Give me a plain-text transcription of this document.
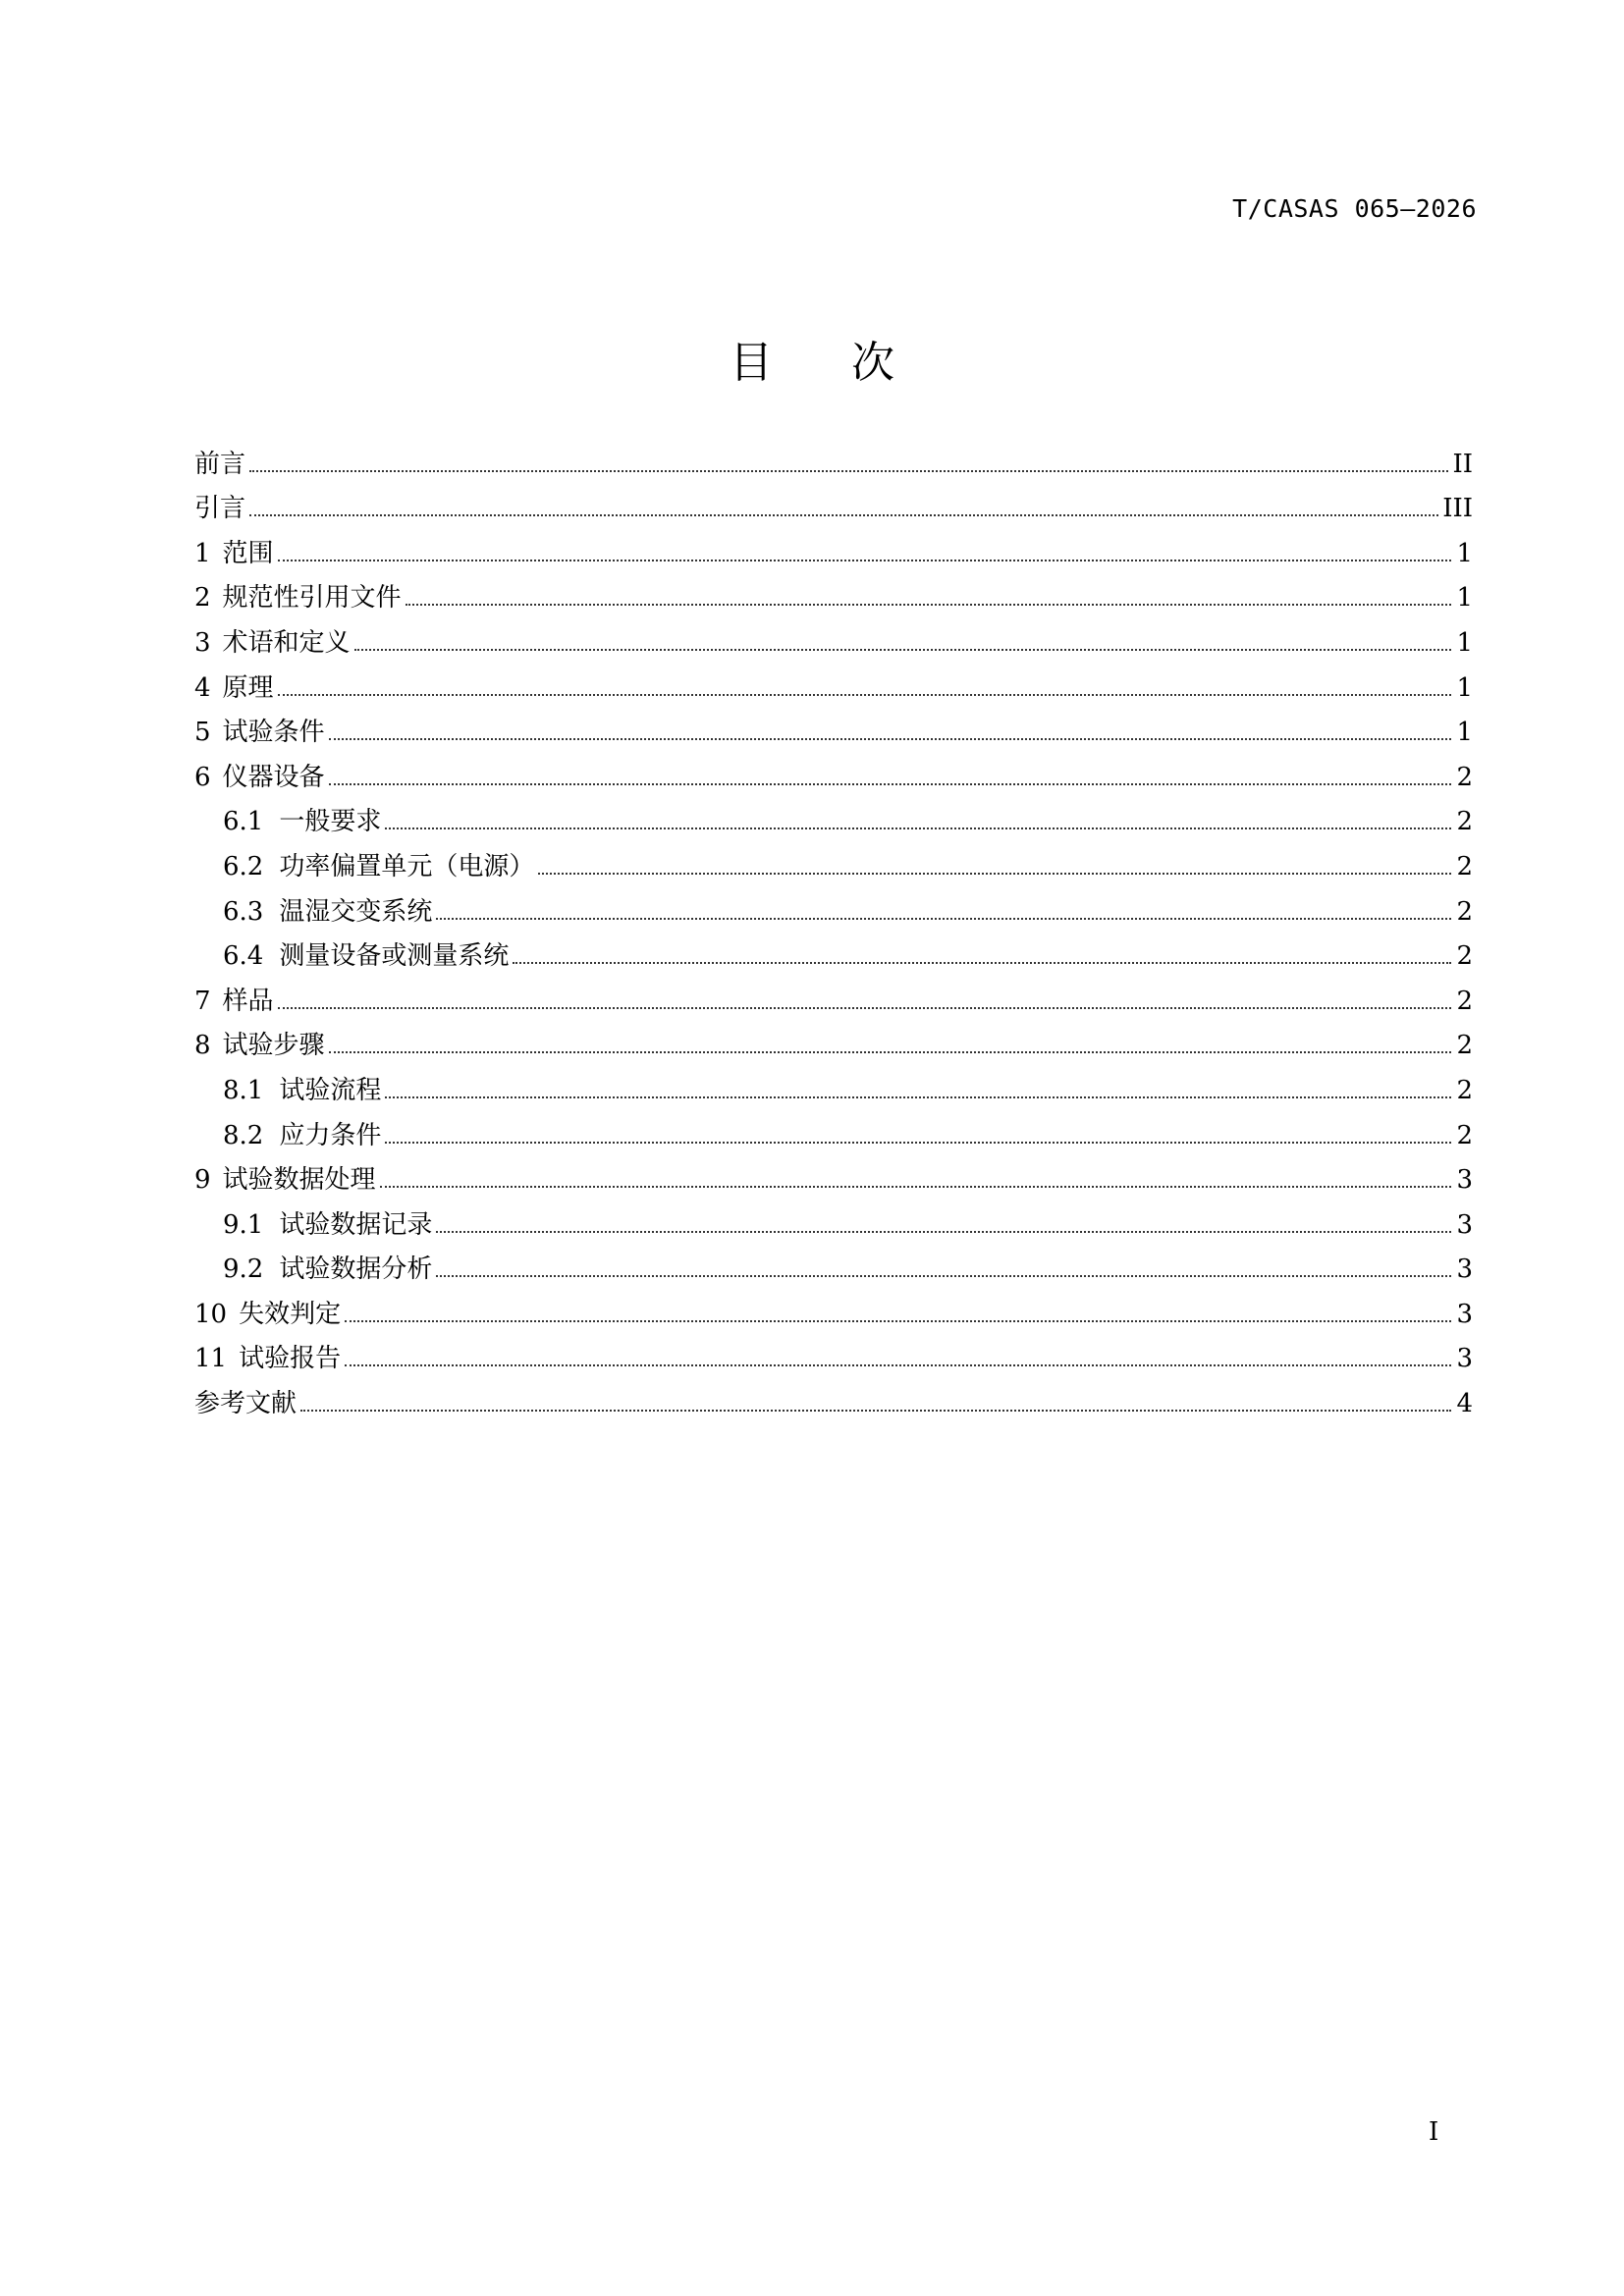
T/CASAS 065—2026
目次
前言	II
引言	III
1 范围	1
2 规范性引用文件	1
3 术语和定义	1
4 原理	1
5 试验条件	1
6 仪器设备	2
6.1 一般要求	2
6.2 功率偏置单元（电源）	2
6.3 温湿交变系统	2
6.4 测量设备或测量系统	2
7 样品	2
8 试验步骤	2
8.1 试验流程	2
8.2 应力条件	2
9 试验数据处理	3
9.1 试验数据记录	3
9.2 试验数据分析	3
10 失效判定	3
11 试验报告	3
参考文献	4
I
